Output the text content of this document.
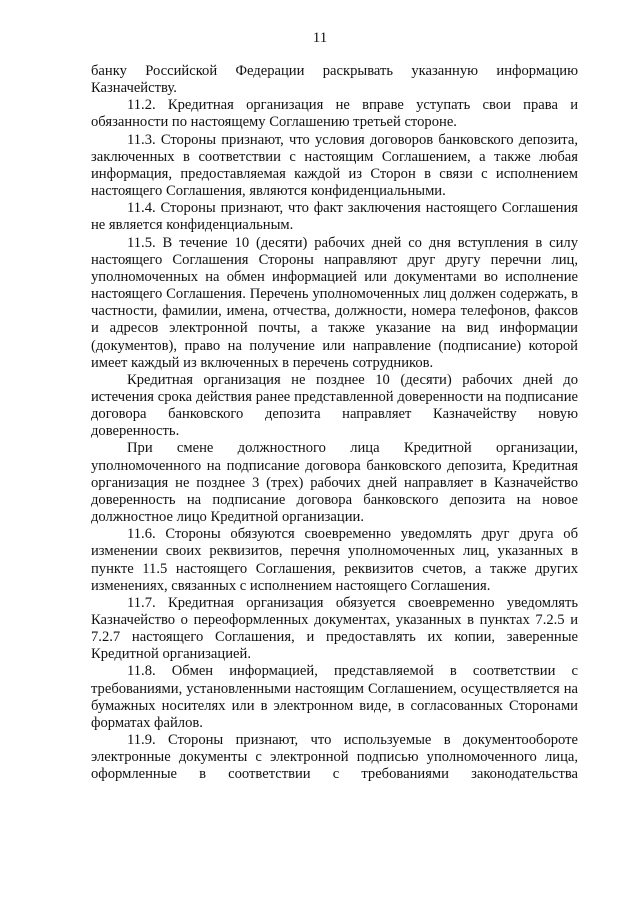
11

банку Российской Федерации раскрывать указанную информацию Казначейству.

11.2. Кредитная организация не вправе уступать свои права и обязанности по настоящему Соглашению третьей стороне.

11.3. Стороны признают, что условия договоров банковского депозита, заключенных в соответствии с настоящим Соглашением, а также любая информация, предоставляемая каждой из Сторон в связи с исполнением настоящего Соглашения, являются конфиденциальными.

11.4. Стороны признают, что факт заключения настоящего Соглашения не является конфиденциальным.

11.5. В течение 10 (десяти) рабочих дней со дня вступления в силу настоящего Соглашения Стороны направляют друг другу перечни лиц, уполномоченных на обмен информацией или документами во исполнение настоящего Соглашения. Перечень уполномоченных лиц должен содержать, в частности, фамилии, имена, отчества, должности, номера телефонов, факсов и адресов электронной почты, а также указание на вид информации (документов), право на получение или направление (подписание) которой имеет каждый из включенных в перечень сотрудников.

Кредитная организация не позднее 10 (десяти) рабочих дней до истечения срока действия ранее представленной доверенности на подписание договора банковского депозита направляет Казначейству новую доверенность.

При смене должностного лица Кредитной организации, уполномоченного на подписание договора банковского депозита, Кредитная организация не позднее 3 (трех) рабочих дней направляет в Казначейство доверенность на подписание договора банковского депозита на новое должностное лицо Кредитной организации.

11.6. Стороны обязуются своевременно уведомлять друг друга об изменении своих реквизитов, перечня уполномоченных лиц, указанных в пункте 11.5 настоящего Соглашения, реквизитов счетов, а также других изменениях, связанных с исполнением настоящего Соглашения.

11.7. Кредитная организация обязуется своевременно уведомлять Казначейство о переоформленных документах, указанных в пунктах 7.2.5 и 7.2.7 настоящего Соглашения, и предоставлять их копии, заверенные Кредитной организацией.

11.8. Обмен информацией, представляемой в соответствии с требованиями, установленными настоящим Соглашением, осуществляется на бумажных носителях или в электронном виде, в согласованных Сторонами форматах файлов.

11.9. Стороны признают, что используемые в документообороте электронные документы с электронной подписью уполномоченного лица, оформленные в соответствии с требованиями законодательства
